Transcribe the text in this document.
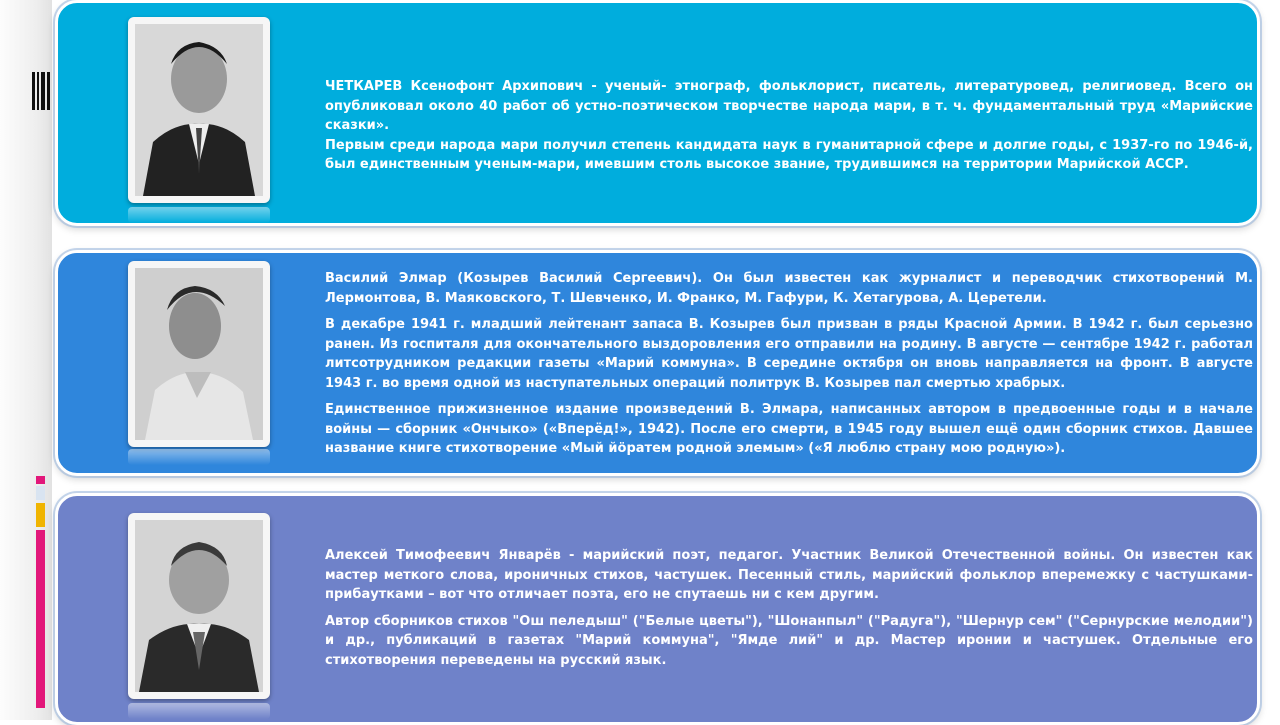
ЧЕТКАРЕВ Ксенофонт Архипович - ученый- этнограф, фольклорист, писатель, литературовед, религиовед. Всего он опубликовал около 40 работ об устно-поэтическом творчестве народа мари, в т. ч. фундаментальный труд «Марийские сказки».

Первым среди народа мари получил степень кандидата наук в гуманитарной сфере и долгие годы, с 1937-го по 1946-й, был единственным ученым-мари, имевшим столь высокое звание, трудившимся на территории Марийской АССР.

Василий Элмар (Козырев Василий Сергеевич). Он был известен как журналист и переводчик стихотворений М. Лермонтова, В. Маяковского, Т. Шевченко, И. Франко, М. Гафури, К. Хетагурова, А. Церетели.

В декабре 1941 г. младший лейтенант запаса В. Козырев был призван в ряды Красной Армии. В 1942 г. был серьезно ранен. Из госпиталя для окончательного выздоровления его отправили на родину. В августе — сентябре 1942 г. работал литсотрудником редакции газеты «Марий коммуна». В середине октября он вновь направляется на фронт. В августе 1943 г. во время одной из наступательных операций политрук В. Козырев пал смертью храбрых.

Единственное прижизненное издание произведений В. Элмара, написанных автором в предвоенные годы и в начале войны — сборник «Ончыко» («Вперёд!», 1942). После его смерти, в 1945 году вышел ещё один сборник стихов. Давшее название книге стихотворение «Мый йöратем родной элемым» («Я люблю страну мою родную»).

Алексей Тимофеевич Январёв - марийский поэт, педагог. Участник Великой Отечественной войны. Он известен как мастер меткого слова, ироничных стихов, частушек. Песенный стиль, марийский фольклор вперемежку с частушками-прибаутками – вот что отличает поэта, его не спутаешь ни с кем другим.

Автор сборников стихов "Ош пеледыш" ("Белые цветы"), "Шонанпыл" ("Радуга"), "Шернур сем" ("Сернурские мелодии") и др., публикаций в газетах "Марий коммуна", "Ямде лий" и др. Мастер иронии и частушек. Отдельные его стихотворения переведены на русский язык.
